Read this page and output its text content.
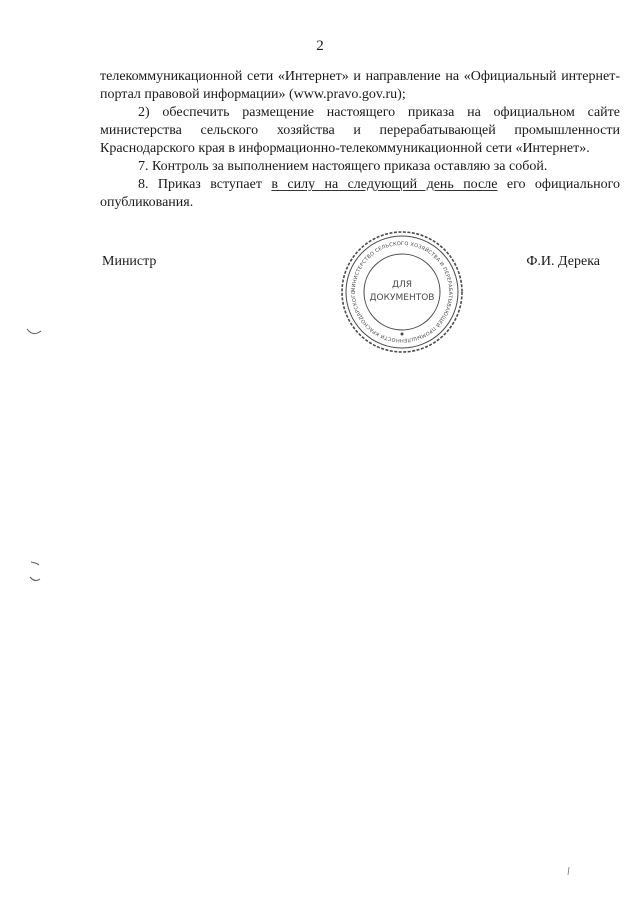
2

телекоммуникационной сети «Интернет» и направление на «Официальный интернет-портал правовой информации» (www.pravo.gov.ru);

2) обеспечить размещение настоящего приказа на официальном сайте министерства сельского хозяйства и перерабатывающей промышленности Краснодарского края в информационно-телекоммуникационной сети «Интернет».

7. Контроль за выполнением настоящего приказа оставляю за собой.

8. Приказ вступает в силу на следующий день после его официального опубликования.

Министр	Ф.И. Дерека
МИНИСТЕРСТВО СЕЛЬСКОГО ХОЗЯЙСТВА И ПЕРЕРАБАТЫВАЮЩЕЙ ПРОМЫШЛЕННОСТИ КРАСНОДАРСКОГО
ДЛЯ
ДОКУМЕНТОВ
